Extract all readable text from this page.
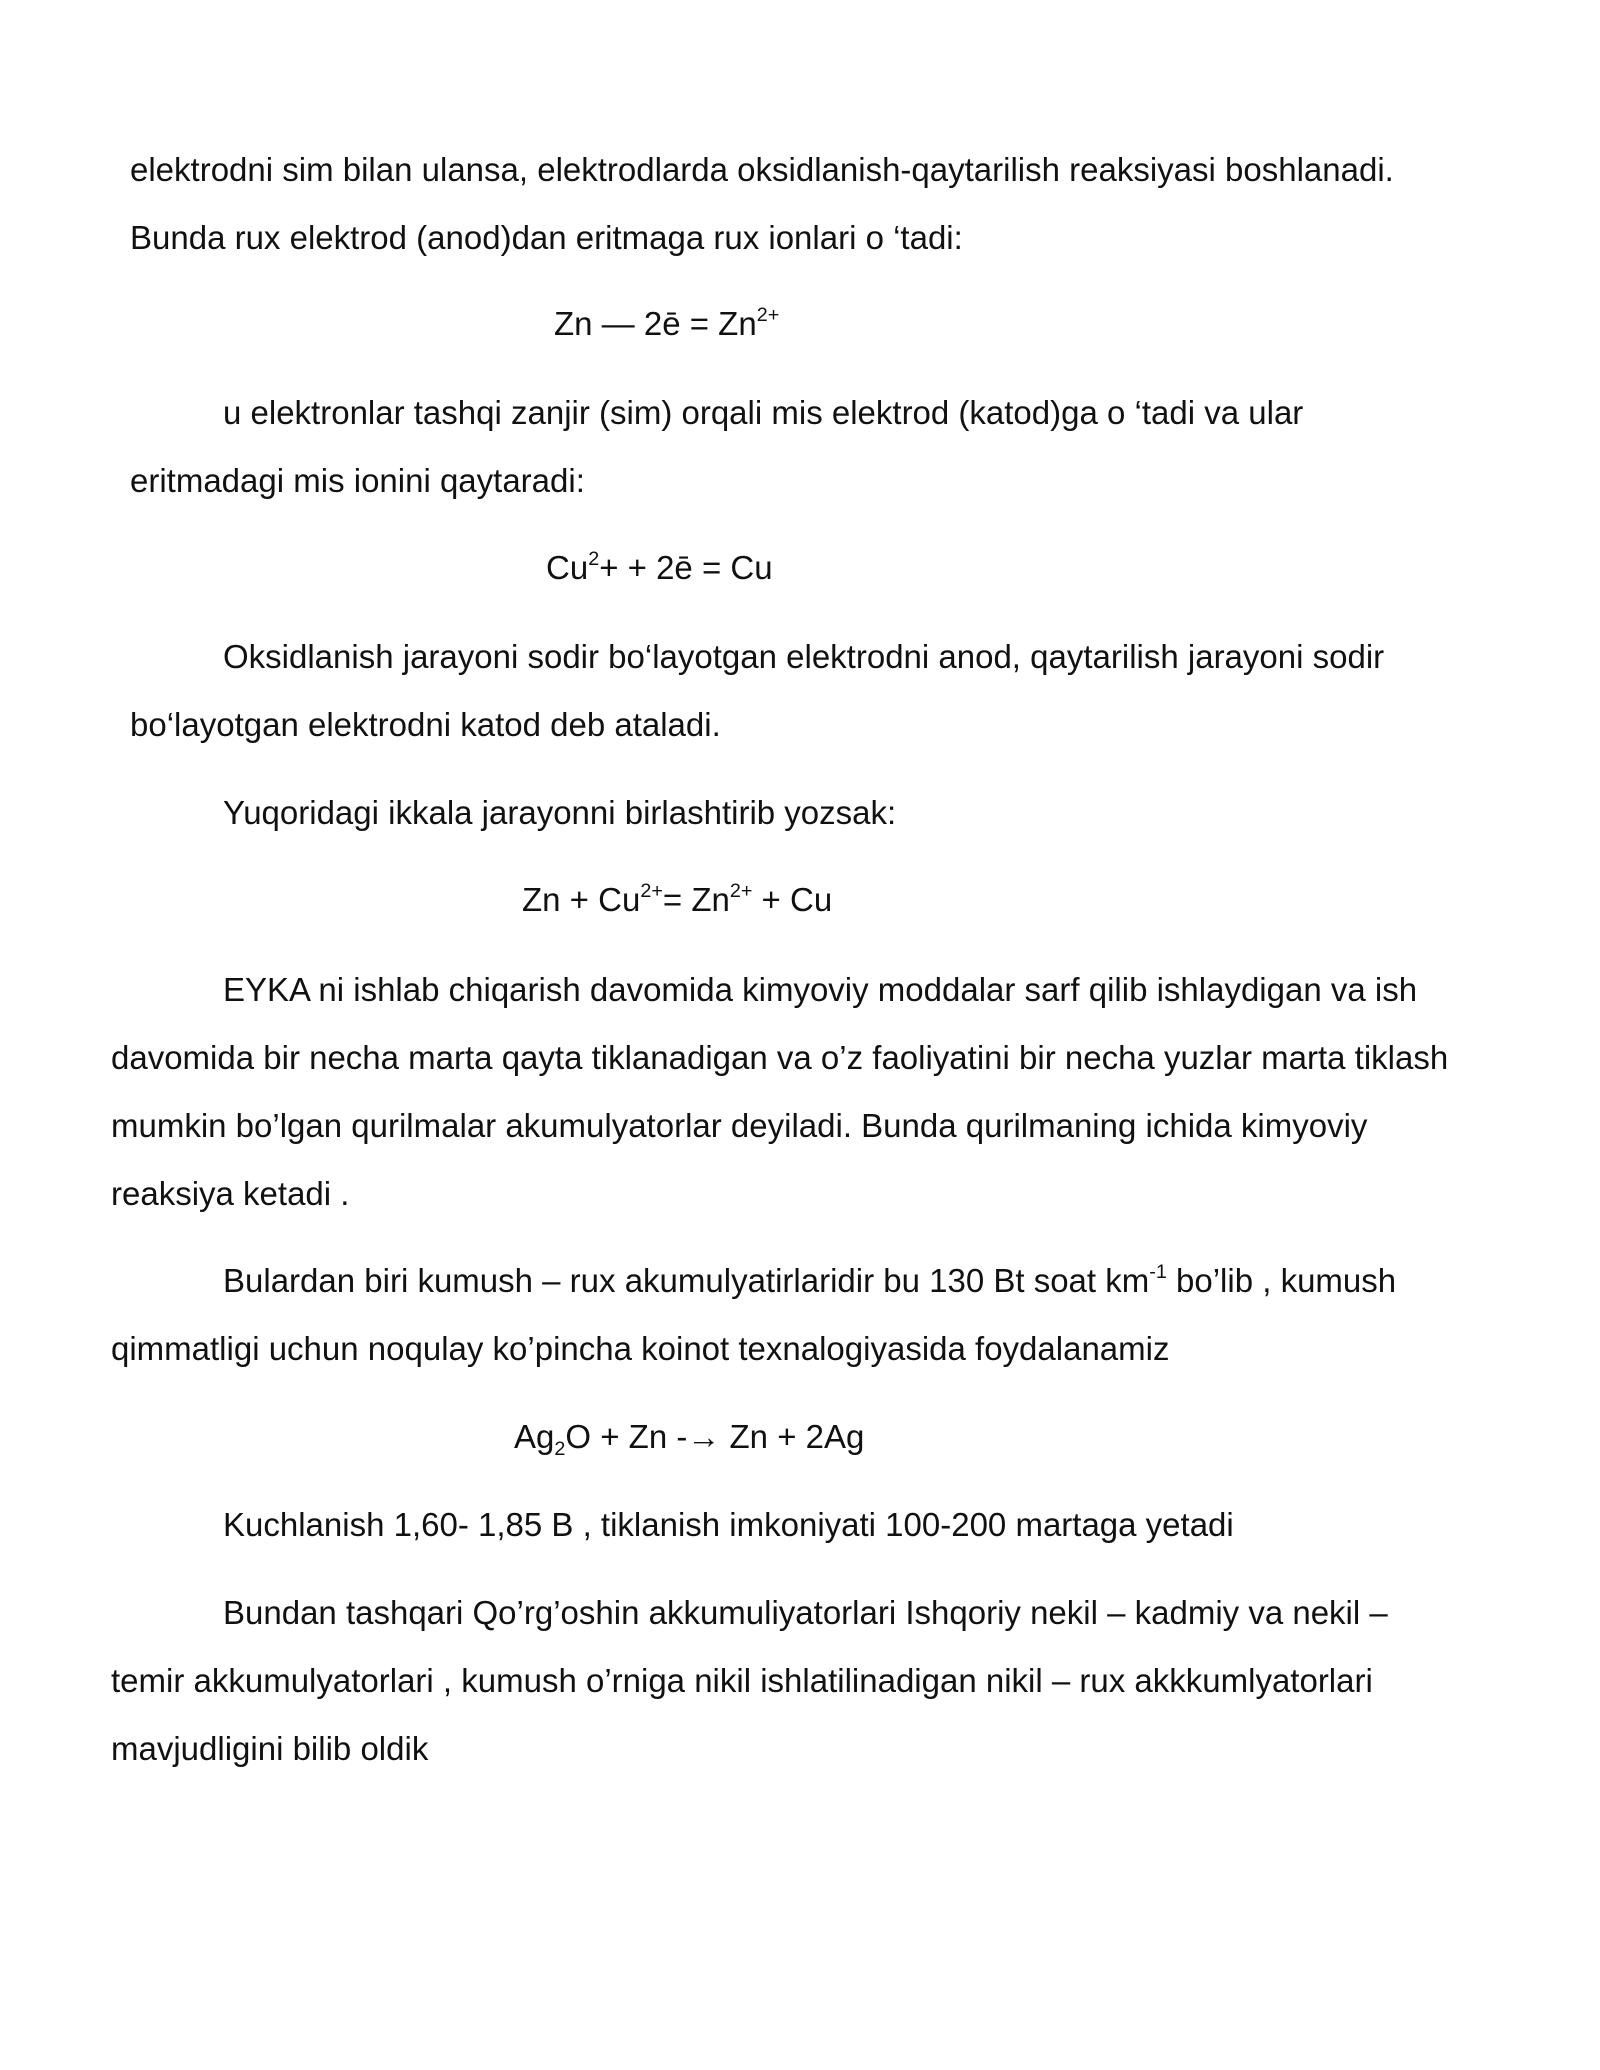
elektrodni sim bilan ulansa, elektrodlarda oksidlanish-qaytarilish reaksiyasi boshlanadi.

Bunda rux elektrod (anod)dan eritmaga rux ionlari o ‘tadi:

Zn — 2ē = $Zn^{2+}$

u elektronlar tashqi zanjir (sim) orqali mis elektrod (katod)ga o ‘tadi va ular

eritmadagi mis ionini qaytaradi:

$Cu^2+$ + 2ē = Cu

Oksidlanish jarayoni sodir bo‘layotgan elektrodni anod, qaytarilish jarayoni sodir

bo‘layotgan elektrodni katod deb ataladi.

Yuqoridagi ikkala jarayonni birlashtirib yozsak:

$Zn + Cu^{2+}= Zn^{2+} + Cu$

EYKA ni ishlab chiqarish davomida kimyoviy moddalar sarf qilib ishlaydigan va ish

davomida bir necha marta qayta tiklanadigan va o’z faoliyatini bir necha yuzlar marta tiklash

mumkin bo’lgan qurilmalar akumulyatorlar deyiladi. Bunda qurilmaning ichida kimyoviy

reaksiya ketadi .

Bulardan biri kumush – rux akumulyatirlaridir bu 130 Bt soat $km^{-1}$ bo’lib , kumush

qimmatligi uchun noqulay ko’pincha koinot texnalogiyasida foydalanamiz

$Ag_2O + Zn -\to Zn + 2Ag$

Kuchlanish 1,60- 1,85 B , tiklanish imkoniyati 100-200 martaga yetadi

Bundan tashqari Qo’rg’oshin akkumuliyatorlari Ishqoriy nekil – kadmiy va nekil –

temir akkumulyatorlari , kumush o’rniga nikil ishlatilinadigan nikil – rux akkkumlyatorlari

mavjudligini bilib oldik
